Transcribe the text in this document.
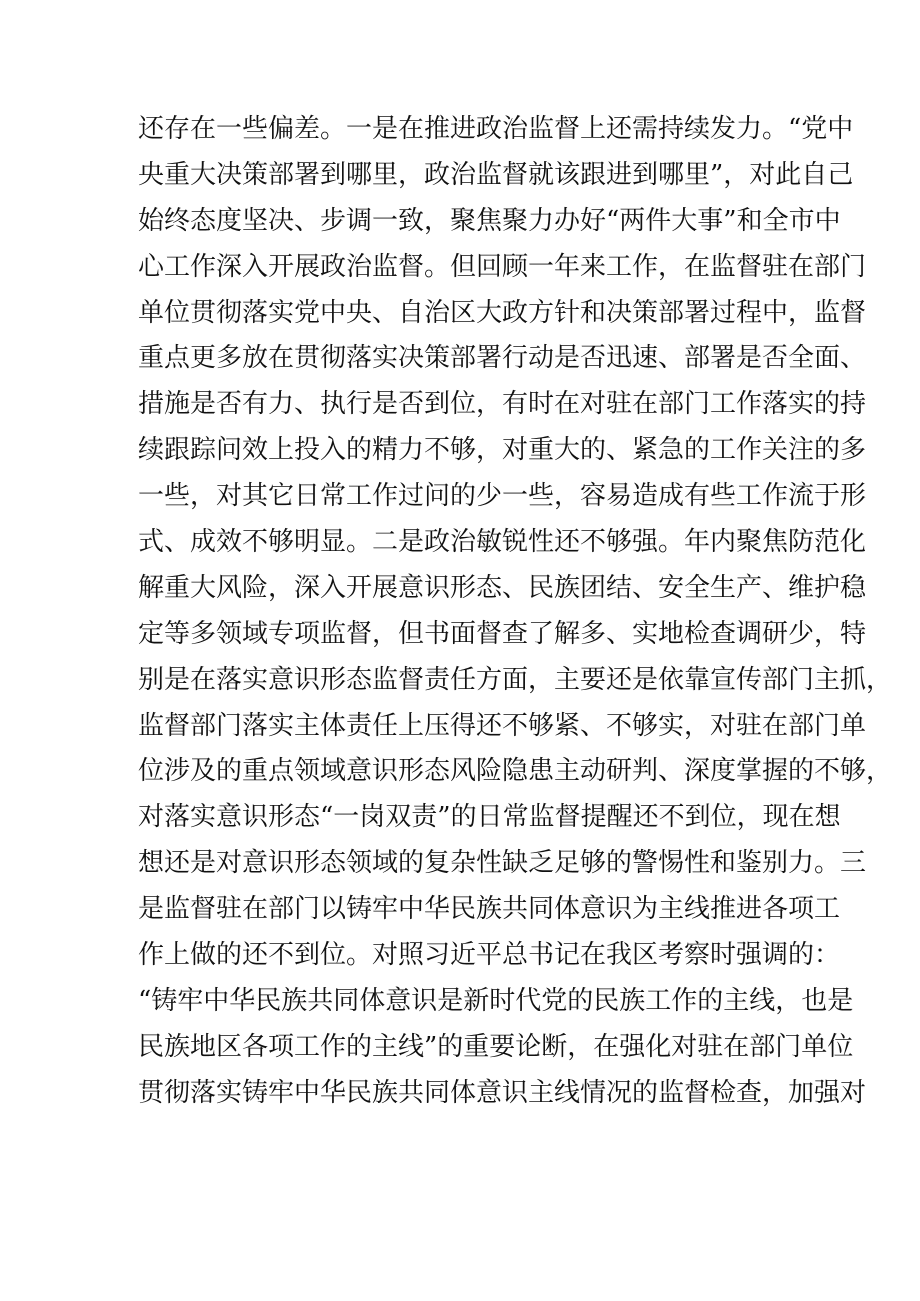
还存在一些偏差。一是在推进政治监督上还需持续发力。“党中
央重大决策部署到哪里，政治监督就该跟进到哪里”，对此自己
始终态度坚决、步调一致，聚焦聚力办好“两件大事”和全市中
心工作深入开展政治监督。但回顾一年来工作，在监督驻在部门
单位贯彻落实党中央、自治区大政方针和决策部署过程中，监督
重点更多放在贯彻落实决策部署行动是否迅速、部署是否全面、
措施是否有力、执行是否到位，有时在对驻在部门工作落实的持
续跟踪问效上投入的精力不够，对重大的、紧急的工作关注的多
一些，对其它日常工作过问的少一些，容易造成有些工作流于形
式、成效不够明显。二是政治敏锐性还不够强。年内聚焦防范化
解重大风险，深入开展意识形态、民族团结、安全生产、维护稳
定等多领域专项监督，但书面督查了解多、实地检查调研少，特
别是在落实意识形态监督责任方面，主要还是依靠宣传部门主抓，
监督部门落实主体责任上压得还不够紧、不够实，对驻在部门单
位涉及的重点领域意识形态风险隐患主动研判、深度掌握的不够，
对落实意识形态“一岗双责”的日常监督提醒还不到位，现在想
想还是对意识形态领域的复杂性缺乏足够的警惕性和鉴别力。三
是监督驻在部门以铸牢中华民族共同体意识为主线推进各项工
作上做的还不到位。对照习近平总书记在我区考察时强调的：
“铸牢中华民族共同体意识是新时代党的民族工作的主线，也是
民族地区各项工作的主线”的重要论断，在强化对驻在部门单位
贯彻落实铸牢中华民族共同体意识主线情况的监督检查，加强对
